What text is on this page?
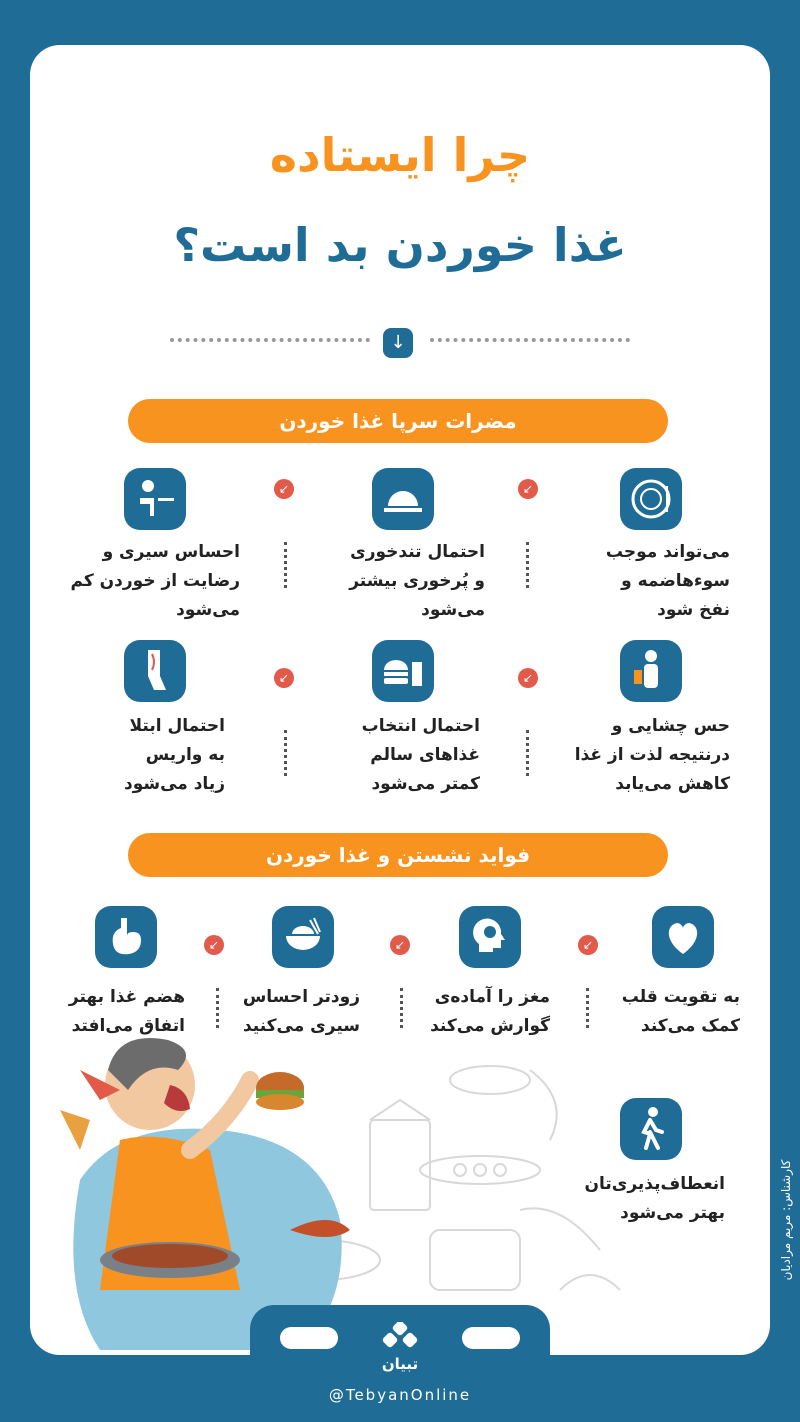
چرا ایستاده
غذا خوردن بد است؟
↓
مضرات سرپا غذا خوردن
↙
↙
می‌تواند موجب
سوءهاضمه و
نفخ شود
احتمال تندخوری
و پُرخوری بیشتر
می‌شود
احساس سیری و
رضایت از خوردن کم
می‌شود
↙
↙
حس چشایی و
درنتیجه لذت از غذا
کاهش می‌یابد
احتمال انتخاب
غذاهای سالم
کمتر می‌شود
احتمال ابتلا
به واریس
زیاد می‌شود
فواید نشستن و غذا خوردن
↙
↙
↙
به تقویت قلب
کمک می‌کند
مغز را آماده‌ی
گوارش می‌کند
زودتر احساس
سیری می‌کنید
هضم غذا بهتر
اتفاق می‌افتد
انعطاف‌پذیری‌تان
بهتر می‌شود
تبیان
@TebyanOnline
کارشناس: مریم مرادیان
